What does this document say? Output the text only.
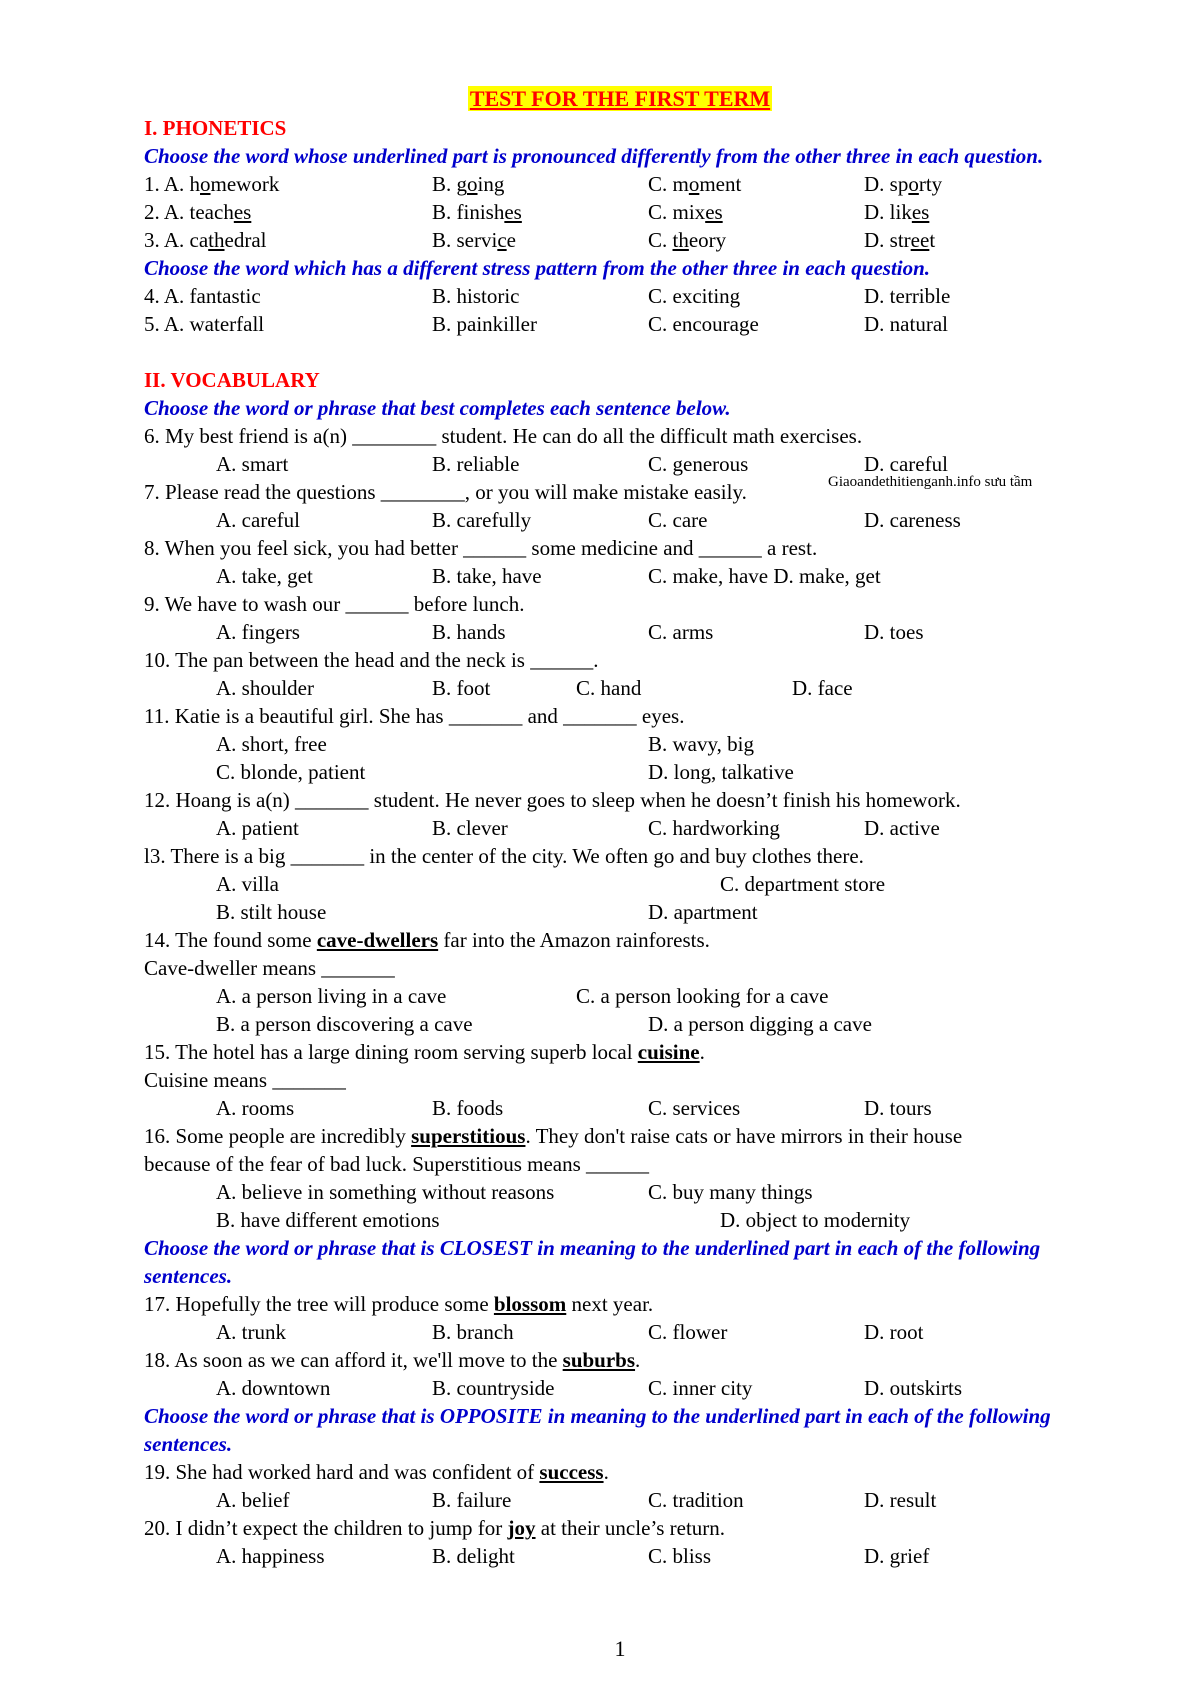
TEST FOR THE FIRST TERM
I. PHONETICS
Choose the word whose underlined part is pronounced differently from the other three in each question.
1. A. homework	B. going	C. moment	D. sporty
2. A. teaches	B. finishes	C. mixes	D. likes
3. A. cathedral	B. service	C. theory	D. street
Choose the word which has a different stress pattern from the other three in each question.
4. A. fantastic	B. historic	C. exciting	D. terrible
5. A. waterfall	B. painkiller	C. encourage	D. natural
II. VOCABULARY
Choose the word or phrase that best completes each sentence below.
6. My best friend is a(n) ________ student. He can do all the difficult math exercises.
A. smart	B. reliable	C. generous	D. careful
7. Please read the questions ________, or you will make mistake easily.
A. careful	B. carefully	C. care	D. careness
8. When you feel sick, you had better ______ some medicine and ______ a rest.
A. take, get	B. take, have	C. make, have D. make, get
9. We have to wash our ______ before lunch.
A. fingers	B. hands	C. arms	D. toes
10. The pan between the head and the neck is ______.
A. shoulder	B. foot	C. hand	D. face
11. Katie is a beautiful girl. She has _______ and _______ eyes.
A. short, free	B. wavy, big
C. blonde, patient	D. long, talkative
12. Hoang is a(n) _______ student. He never goes to sleep when he doesn’t finish his homework.
A. patient	B. clever	C. hardworking	D. active
l3. There is a big _______ in the center of the city. We often go and buy clothes there.
A. villa	C. department store
B. stilt house	D. apartment
14. The found some cave-dwellers far into the Amazon rainforests.
Cave-dweller means _______
A. a person living in a cave	C. a person looking for a cave
B. a person discovering a cave	D. a person digging a cave
15. The hotel has a large dining room serving superb local cuisine.
Cuisine means _______
A. rooms	B. foods	C. services	D. tours
16. Some people are incredibly superstitious. They don't raise cats or have mirrors in their house
because of the fear of bad luck. Superstitious means ______
A. believe in something without reasons	C. buy many things
B. have different emotions	D. object to modernity
Choose the word or phrase that is CLOSEST in meaning to the underlined part in each of the following sentences.
17. Hopefully the tree will produce some blossom next year.
A. trunk	B. branch	C. flower	D. root
18. As soon as we can afford it, we'll move to the suburbs.
A. downtown	B. countryside	C. inner city	D. outskirts
Choose the word or phrase that is OPPOSITE in meaning to the underlined part in each of the following sentences.
19. She had worked hard and was confident of success.
A. belief	B. failure	C. tradition	D. result
20. I didn’t expect the children to jump for joy at their uncle’s return.
A. happiness	B. delight	C. bliss	D. grief
Giaoandethitienganh.info sưu tầm
1
